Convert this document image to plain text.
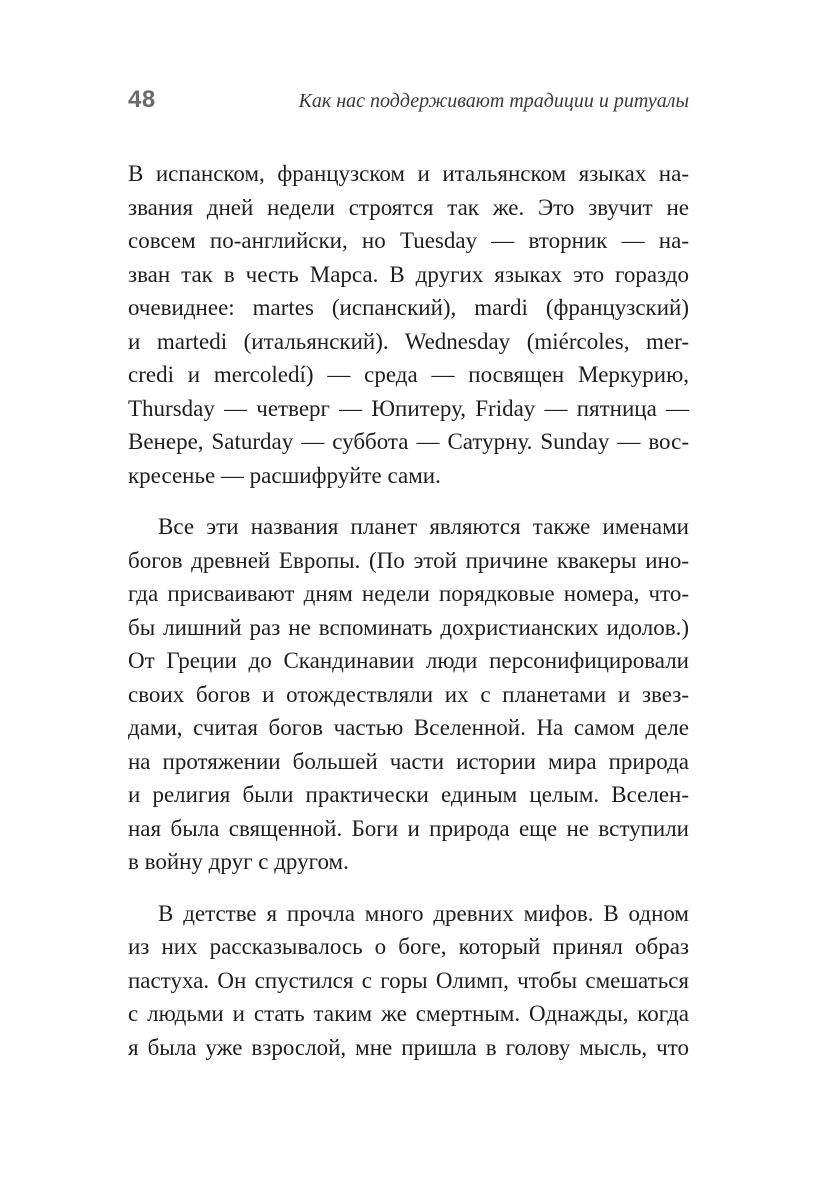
48	Как нас поддерживают традиции и ритуалы
В испанском, французском и итальянском языках на-
звания дней недели строятся так же. Это звучит не
совсем по-английски, но Tuesday — вторник — на-
зван так в честь Марса. В других языках это гораздо
очевиднее: martes (испанский), mardi (французский)
и martedi (итальянский). Wednesday (miércoles, mer-
credi и mercoledí) — среда — посвящен Меркурию,
Thursday — четверг — Юпитеру, Friday — пятница —
Венере, Saturday — суббота — Сатурну. Sunday — вос-
кресенье — расшифруйте сами.
Все эти названия планет являются также именами
богов древней Европы. (По этой причине квакеры ино-
гда присваивают дням недели порядковые номера, что-
бы лишний раз не вспоминать дохристианских идолов.)
От Греции до Скандинавии люди персонифицировали
своих богов и отождествляли их с планетами и звез-
дами, считая богов частью Вселенной. На самом деле
на протяжении большей части истории мира природа
и религия были практически единым целым. Вселен-
ная была священной. Боги и природа еще не вступили
в войну друг с другом.
В детстве я прочла много древних мифов. В одном
из них рассказывалось о боге, который принял образ
пастуха. Он спустился с горы Олимп, чтобы смешаться
с людьми и стать таким же смертным. Однажды, когда
я была уже взрослой, мне пришла в голову мысль, что
